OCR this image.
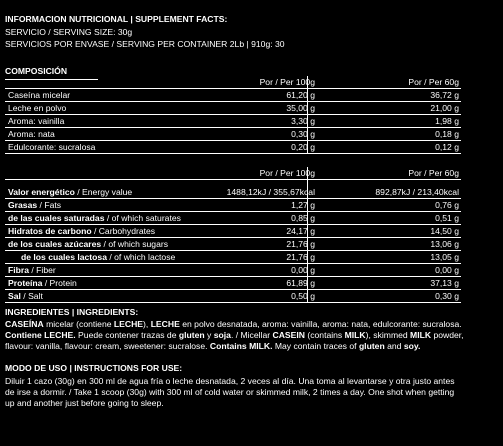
INFORMACION NUTRICIONAL | SUPPLEMENT FACTS:
SERVICIO / SERVING SIZE: 30g
SERVICIOS POR ENVASE / SERVING PER CONTAINER 2Lb | 910g: 30
COMPOSICIÓN
Por / Per 100g	Por / Per 60g
Caseína micelar	61,20 g	36,72 g
Leche en polvo	35,00 g	21,00 g
Aroma: vainilla	3,30 g	1,98 g
Aroma: nata	0,30 g	0,18 g
Edulcorante: sucralosa	0,20 g	0,12 g
Por / Per 100g	Por / Per 60g
Valor energético / Energy value	1488,12kJ / 355,67kcal	892,87kJ / 213,40kcal
Grasas / Fats	1,27 g	0,76 g
de las cuales saturadas / of which saturates	0,85 g	0,51 g
Hidratos de carbono / Carbohydrates	24,17 g	14,50 g
de los cuales azúcares / of which sugars	21,76 g	13,06 g
de los cuales lactosa / of which lactose	21,76 g	13,05 g
Fibra / Fiber	0,00 g	0,00 g
Proteína / Protein	61,89 g	37,13 g
Sal / Salt	0,50 g	0,30 g
INGREDIENTES | INGREDIENTS:
CASEÍNA micelar (contiene LECHE), LECHE en polvo desnatada, aroma: vainilla, aroma: nata, edulcorante: sucralosa. Contiene LECHE. Puede contener trazas de gluten y soja. / Micellar CASEIN (contains MILK), skimmed MILK powder, flavour: vanilla, flavour: cream, sweetener: sucralose. Contains MILK. May contain traces of gluten and soy.
MODO DE USO | INSTRUCTIONS FOR USE:
Diluir 1 cazo (30g) en 300 ml de agua fría o leche desnatada, 2 veces al día. Una toma al levantarse y otra justo antes de irse a dormir. / Take 1 scoop (30g) with 300 ml of cold water or skimmed milk, 2 times a day. One shot when getting up and another just before going to sleep.
